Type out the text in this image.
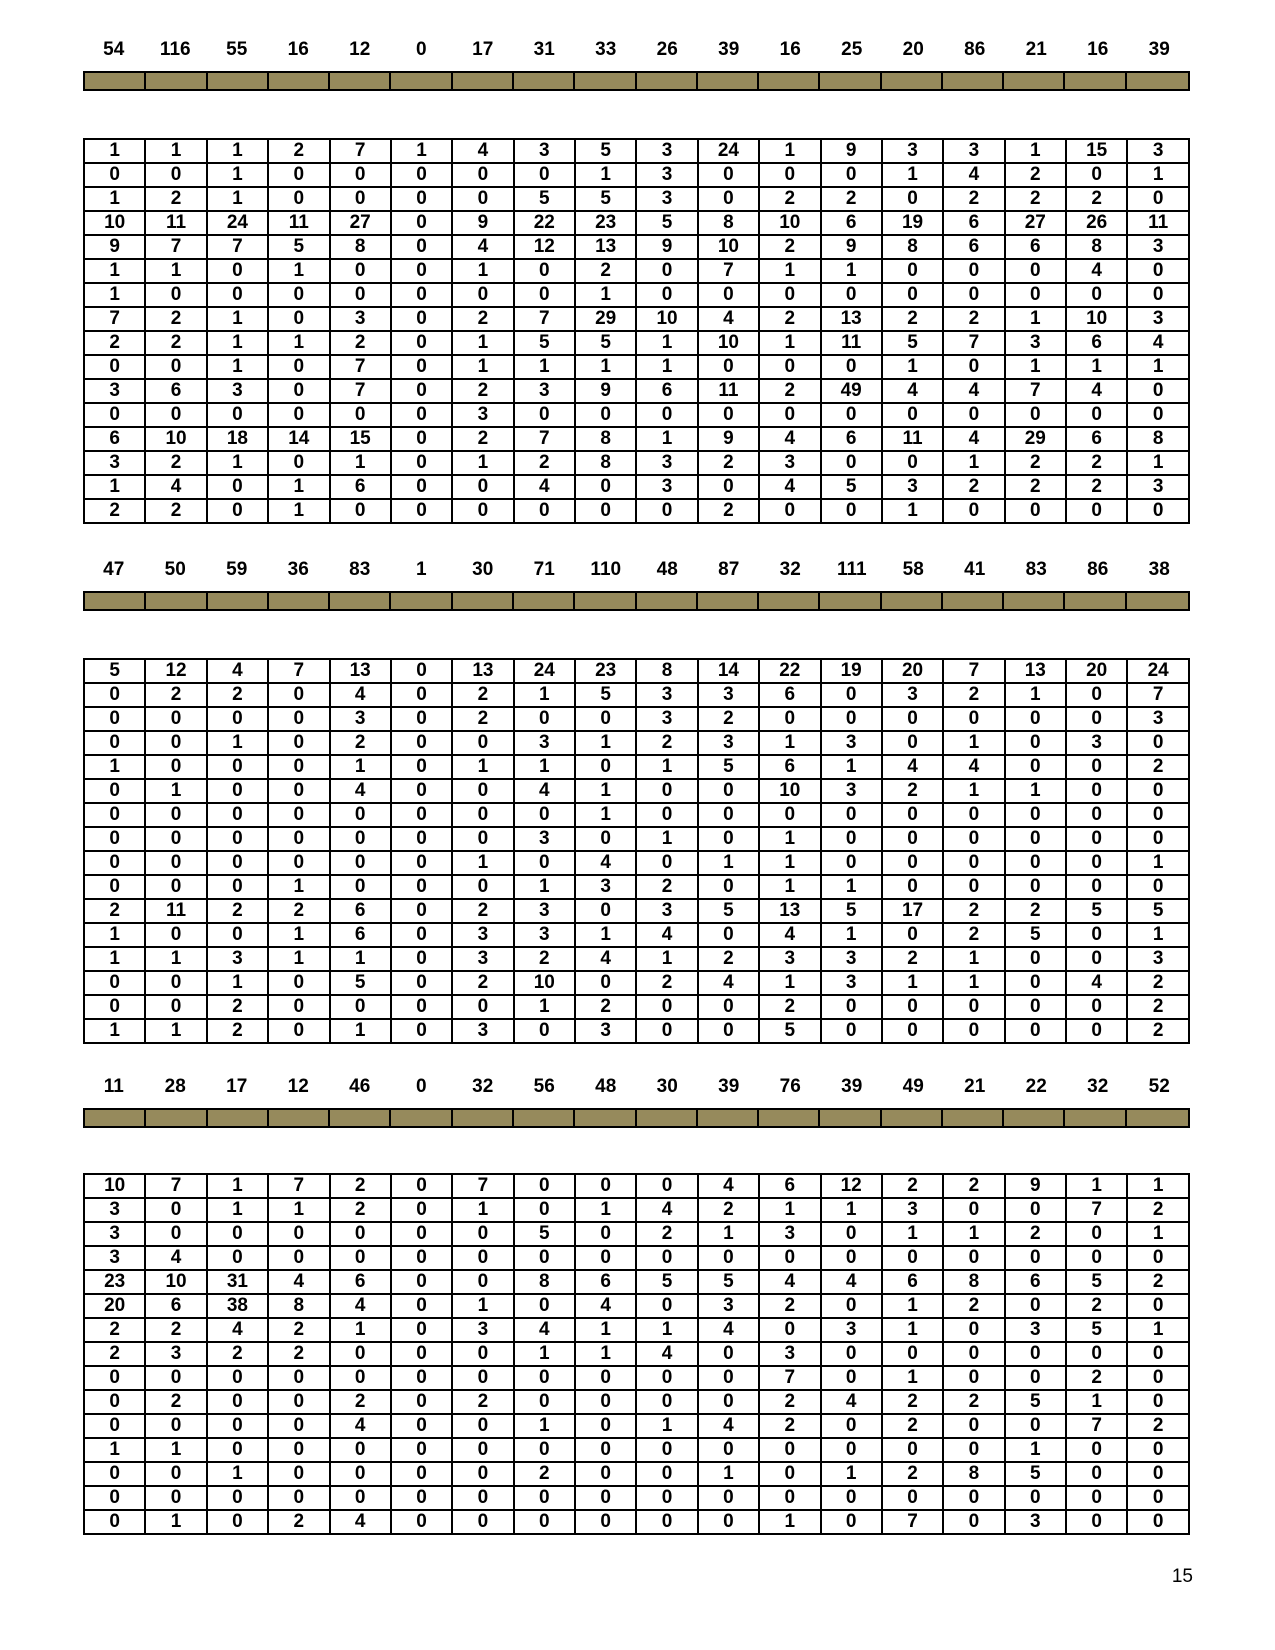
54	116	55	16	12	0	17	31	33	26	39	16	25	20	86	21	16	39
1	1	1	2	7	1	4	3	5	3	24	1	9	3	3	1	15	3
0	0	1	0	0	0	0	0	1	3	0	0	0	1	4	2	0	1
1	2	1	0	0	0	0	5	5	3	0	2	2	0	2	2	2	0
10	11	24	11	27	0	9	22	23	5	8	10	6	19	6	27	26	11
9	7	7	5	8	0	4	12	13	9	10	2	9	8	6	6	8	3
1	1	0	1	0	0	1	0	2	0	7	1	1	0	0	0	4	0
1	0	0	0	0	0	0	0	1	0	0	0	0	0	0	0	0	0
7	2	1	0	3	0	2	7	29	10	4	2	13	2	2	1	10	3
2	2	1	1	2	0	1	5	5	1	10	1	11	5	7	3	6	4
0	0	1	0	7	0	1	1	1	1	0	0	0	1	0	1	1	1
3	6	3	0	7	0	2	3	9	6	11	2	49	4	4	7	4	0
0	0	0	0	0	0	3	0	0	0	0	0	0	0	0	0	0	0
6	10	18	14	15	0	2	7	8	1	9	4	6	11	4	29	6	8
3	2	1	0	1	0	1	2	8	3	2	3	0	0	1	2	2	1
1	4	0	1	6	0	0	4	0	3	0	4	5	3	2	2	2	3
2	2	0	1	0	0	0	0	0	0	2	0	0	1	0	0	0	0
47	50	59	36	83	1	30	71	110	48	87	32	111	58	41	83	86	38
5	12	4	7	13	0	13	24	23	8	14	22	19	20	7	13	20	24
0	2	2	0	4	0	2	1	5	3	3	6	0	3	2	1	0	7
0	0	0	0	3	0	2	0	0	3	2	0	0	0	0	0	0	3
0	0	1	0	2	0	0	3	1	2	3	1	3	0	1	0	3	0
1	0	0	0	1	0	1	1	0	1	5	6	1	4	4	0	0	2
0	1	0	0	4	0	0	4	1	0	0	10	3	2	1	1	0	0
0	0	0	0	0	0	0	0	1	0	0	0	0	0	0	0	0	0
0	0	0	0	0	0	0	3	0	1	0	1	0	0	0	0	0	0
0	0	0	0	0	0	1	0	4	0	1	1	0	0	0	0	0	1
0	0	0	1	0	0	0	1	3	2	0	1	1	0	0	0	0	0
2	11	2	2	6	0	2	3	0	3	5	13	5	17	2	2	5	5
1	0	0	1	6	0	3	3	1	4	0	4	1	0	2	5	0	1
1	1	3	1	1	0	3	2	4	1	2	3	3	2	1	0	0	3
0	0	1	0	5	0	2	10	0	2	4	1	3	1	1	0	4	2
0	0	2	0	0	0	0	1	2	0	0	2	0	0	0	0	0	2
1	1	2	0	1	0	3	0	3	0	0	5	0	0	0	0	0	2
11	28	17	12	46	0	32	56	48	30	39	76	39	49	21	22	32	52
10	7	1	7	2	0	7	0	0	0	4	6	12	2	2	9	1	1
3	0	1	1	2	0	1	0	1	4	2	1	1	3	0	0	7	2
3	0	0	0	0	0	0	5	0	2	1	3	0	1	1	2	0	1
3	4	0	0	0	0	0	0	0	0	0	0	0	0	0	0	0	0
23	10	31	4	6	0	0	8	6	5	5	4	4	6	8	6	5	2
20	6	38	8	4	0	1	0	4	0	3	2	0	1	2	0	2	0
2	2	4	2	1	0	3	4	1	1	4	0	3	1	0	3	5	1
2	3	2	2	0	0	0	1	1	4	0	3	0	0	0	0	0	0
0	0	0	0	0	0	0	0	0	0	0	7	0	1	0	0	2	0
0	2	0	0	2	0	2	0	0	0	0	2	4	2	2	5	1	0
0	0	0	0	4	0	0	1	0	1	4	2	0	2	0	0	7	2
1	1	0	0	0	0	0	0	0	0	0	0	0	0	0	1	0	0
0	0	1	0	0	0	0	2	0	0	1	0	1	2	8	5	0	0
0	0	0	0	0	0	0	0	0	0	0	0	0	0	0	0	0	0
0	1	0	2	4	0	0	0	0	0	0	1	0	7	0	3	0	0
15
